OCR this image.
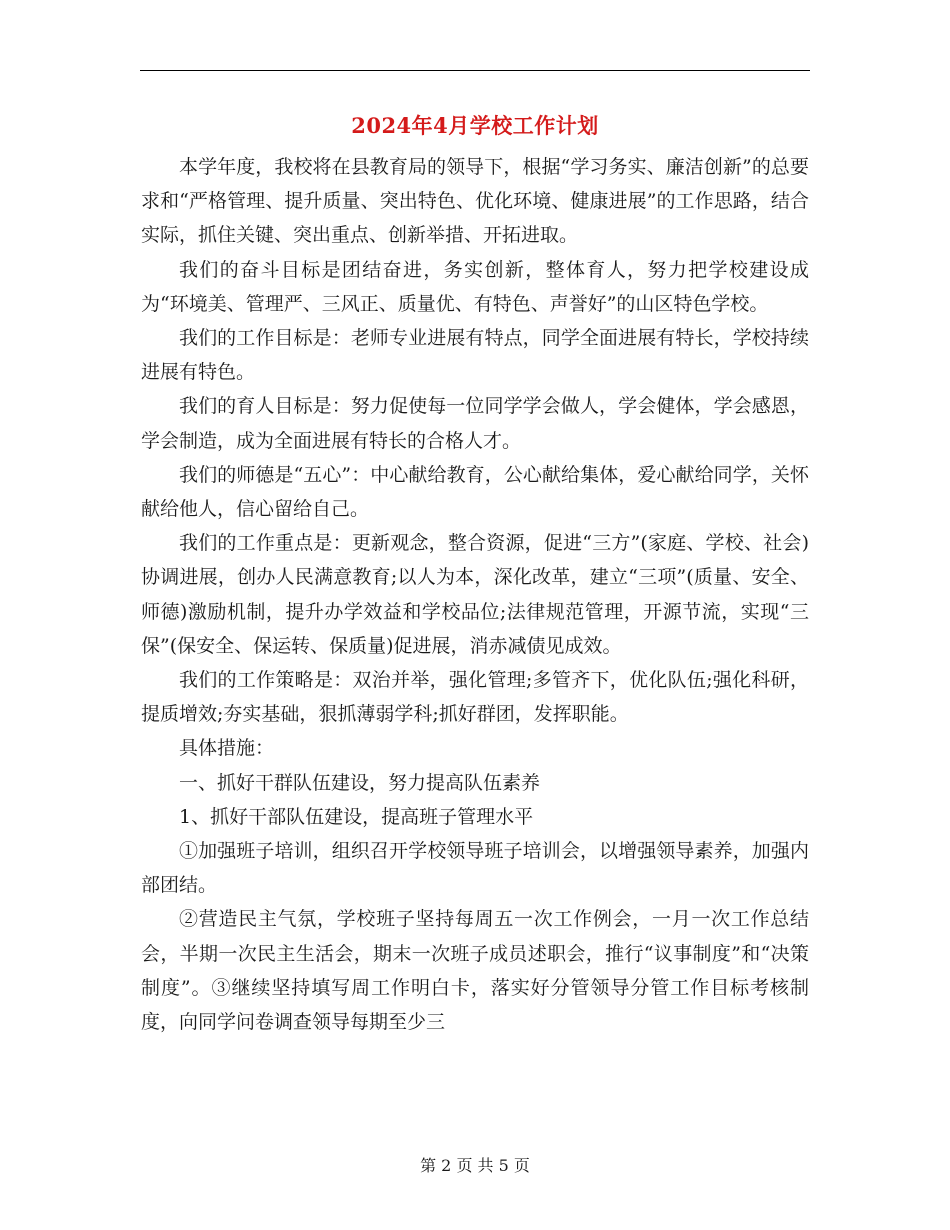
2024年4月学校工作计划

本学年度，我校将在县教育局的领导下，根据“学习务实、廉洁创新”的总要求和“严格管理、提升质量、突出特色、优化环境、健康进展”的工作思路，结合实际，抓住关键、突出重点、创新举措、开拓进取。

我们的奋斗目标是团结奋进，务实创新，整体育人，努力把学校建设成为“环境美、管理严、三风正、质量优、有特色、声誉好”的山区特色学校。

我们的工作目标是：老师专业进展有特点，同学全面进展有特长，学校持续进展有特色。

我们的育人目标是：努力促使每一位同学学会做人，学会健体，学会感恩，学会制造，成为全面进展有特长的合格人才。

我们的师德是“五心”：中心献给教育，公心献给集体，爱心献给同学，关怀献给他人，信心留给自己。

我们的工作重点是：更新观念，整合资源，促进“三方”(家庭、学校、社会)协调进展，创办人民满意教育;以人为本，深化改革，建立“三项”(质量、安全、师德)激励机制，提升办学效益和学校品位;法律规范管理，开源节流，实现“三保”(保安全、保运转、保质量)促进展，消赤减债见成效。

我们的工作策略是：双治并举，强化管理;多管齐下，优化队伍;强化科研，提质增效;夯实基础，狠抓薄弱学科;抓好群团，发挥职能。

具体措施：

一、抓好干群队伍建设，努力提高队伍素养

1、抓好干部队伍建设，提高班子管理水平

①加强班子培训，组织召开学校领导班子培训会，以增强领导素养，加强内部团结。

②营造民主气氛，学校班子坚持每周五一次工作例会，一月一次工作总结会，半期一次民主生活会，期末一次班子成员述职会，推行“议事制度”和“决策制度”。③继续坚持填写周工作明白卡，落实好分管领导分管工作目标考核制度，向同学问卷调查领导每期至少三

第 2 页 共 5 页
